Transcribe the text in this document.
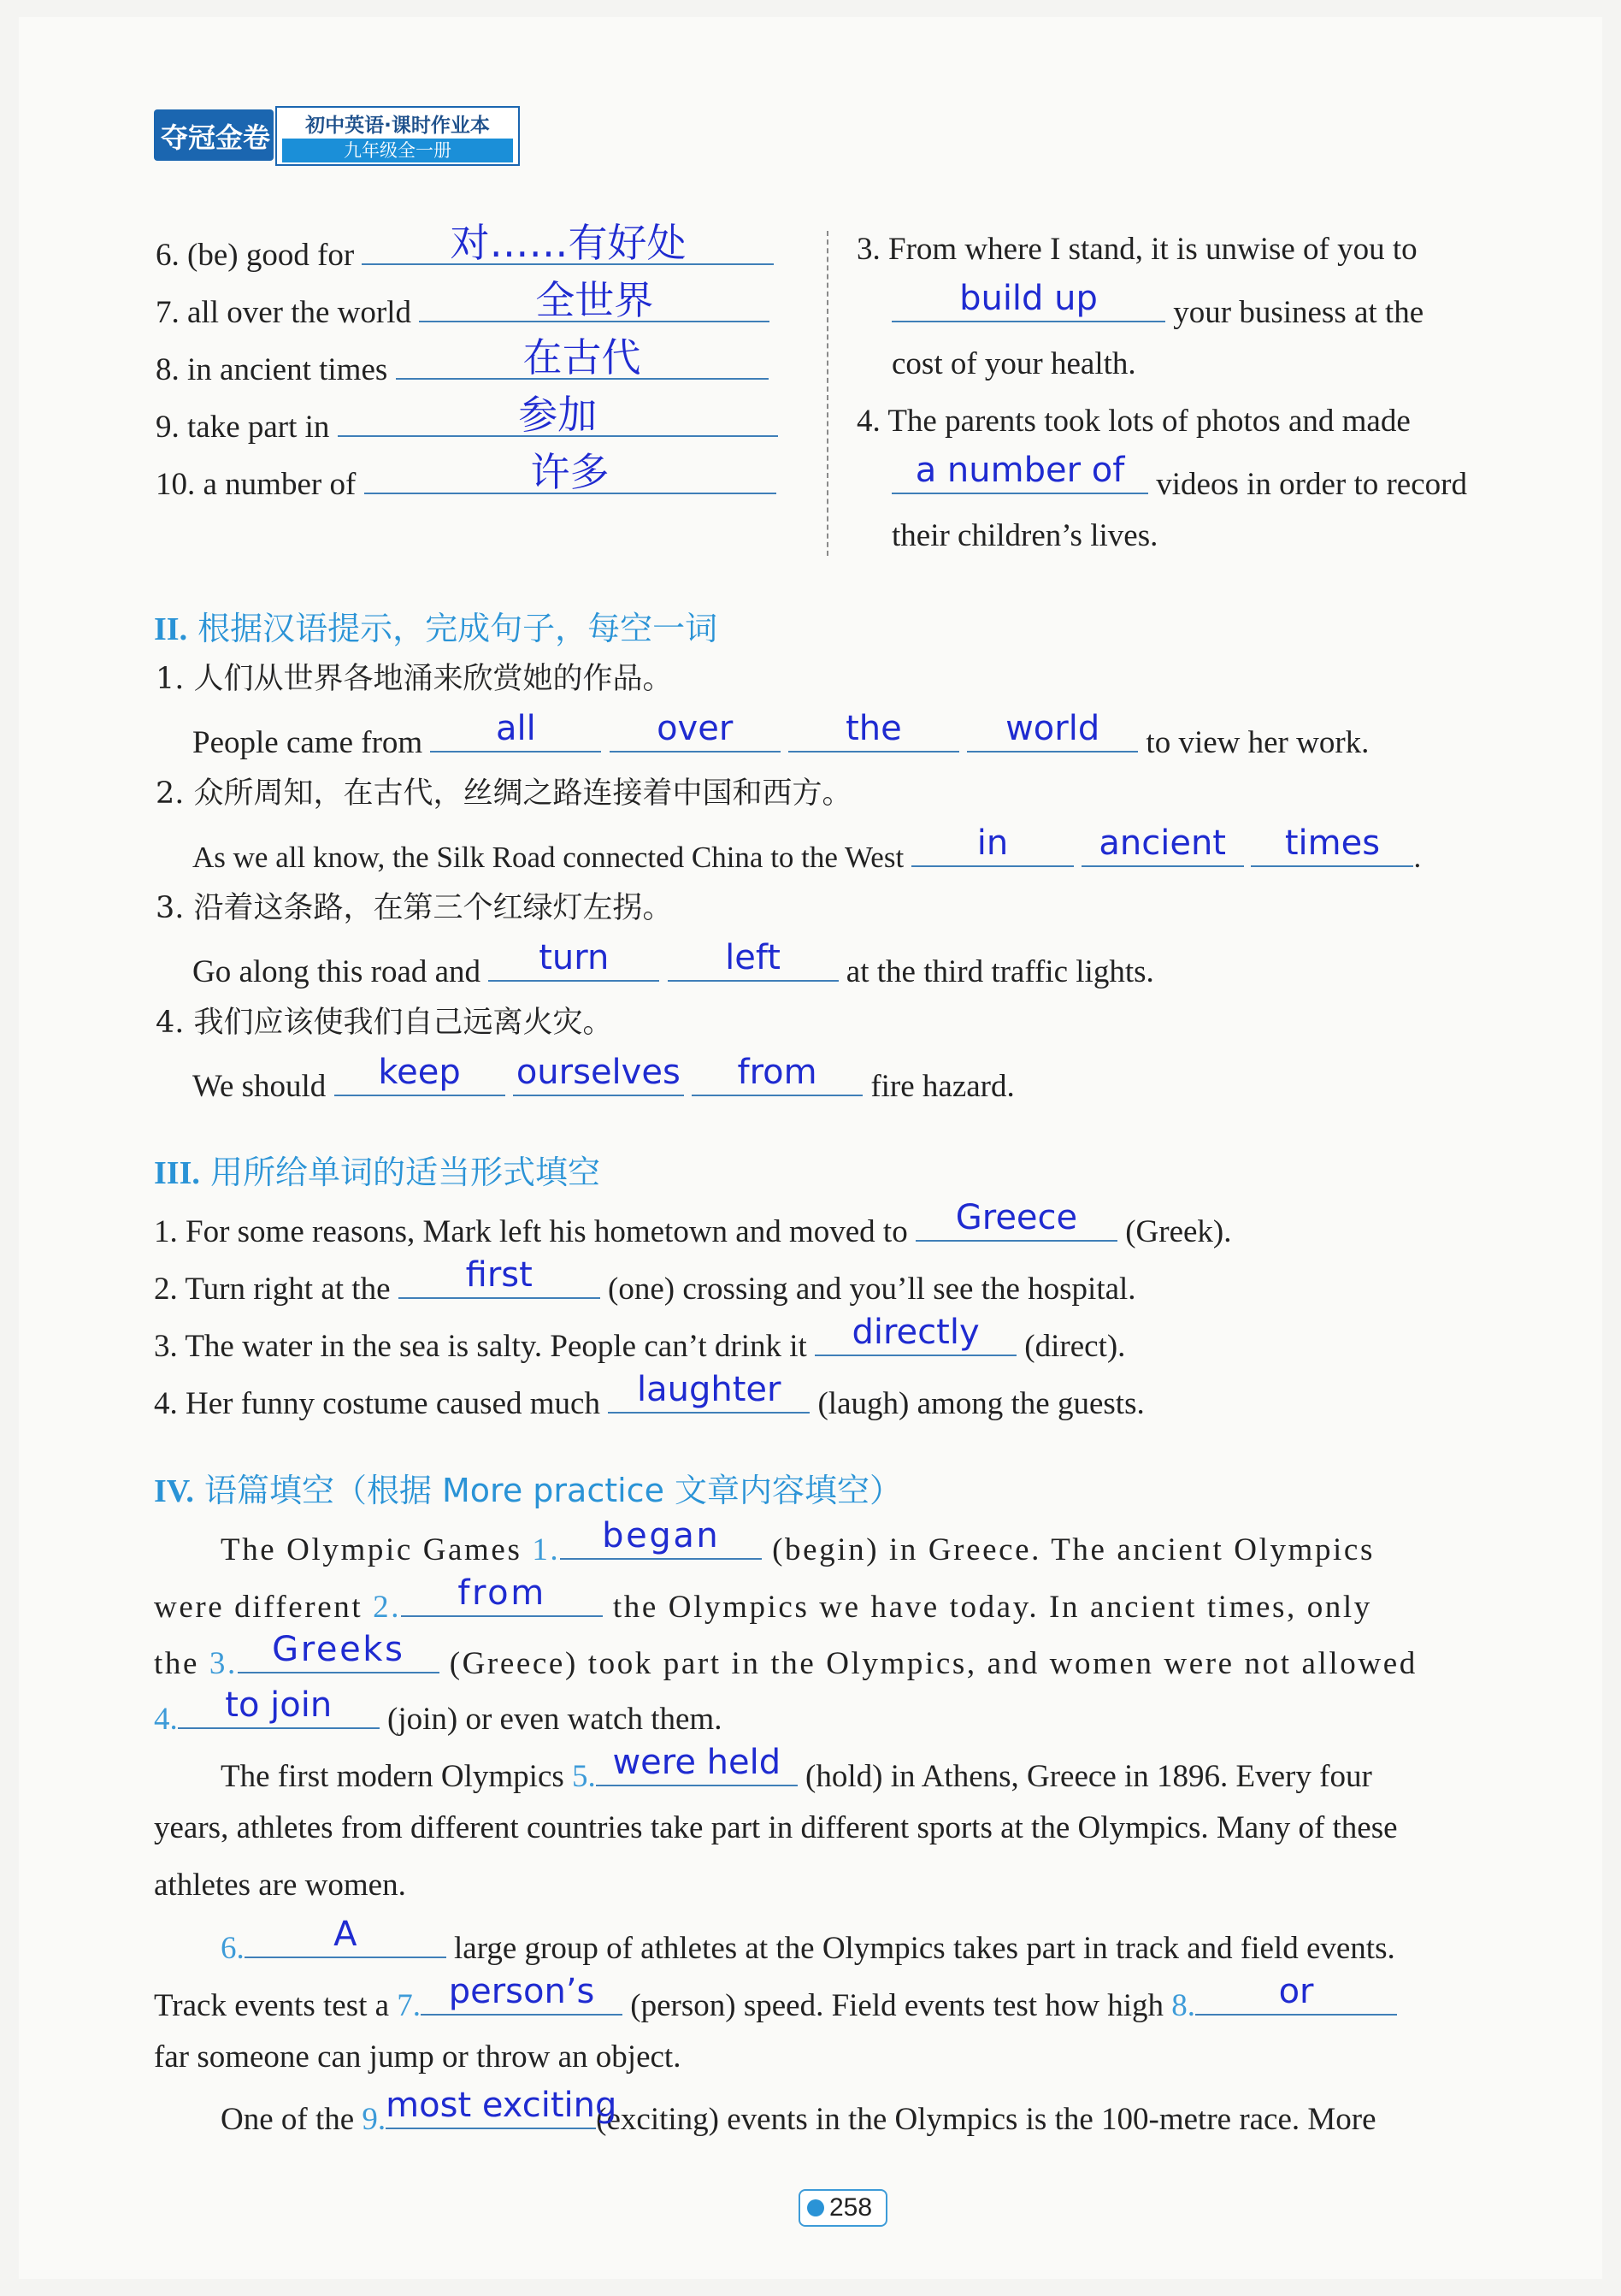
夺冠金卷	初中英语·课时作业本
九年级全一册
6. (be) good for	对……有好处
7. all over the world	全世界
8. in ancient times	在古代
9. take part in	参加
10. a number of	许多
3. From where I stand, it is unwise of you to
build up	your business at the
cost of your health.
4. The parents took lots of photos and made
a number of videos in order to record
their children’s lives.
II. 根据汉语提示，完成句子，每空一词
1. 人们从世界各地涌来欣赏她的作品。
People came from	all
	over
	the
	world	to view her work.
2. 众所周知，在古代，丝绸之路连接着中国和西方。
As we all know, the Silk Road connected China to the West	in
	ancient
	times	.
3. 沿着这条路，在第三个红绿灯左拐。
Go along this road and	turn
	left	at the third traffic lights.
4. 我们应该使我们自己远离火灾。
We should	keep
	ourselves
	from	fire hazard.
III. 用所给单词的适当形式填空
1. For some reasons, Mark left his hometown and moved to	Greece	(Greek).
2. Turn right at the	first	(one) crossing and you’ll see the hospital.
3. The water in the sea is salty. People can’t drink it	directly	(direct).
4. Her funny costume caused much	laughter	(laugh) among the guests.
IV. 语篇填空（根据 More practice 文章内容填空）
The Olympic Games 1.	began	(begin) in Greece. The ancient Olympics
were different 2.	from	the Olympics we have today. In ancient times, only
the 3.	Greeks	(Greece) took part in the Olympics, and women were not allowed
4.	to join	(join) or even watch them.
The first modern Olympics 5. were held (hold) in Athens, Greece in 1896. Every four
years, athletes from different countries take part in different sports at the Olympics. Many of these
athletes are women.
6.	A	large group of athletes at the Olympics takes part in track and field events.
Track events test a 7. person’s	(person) speed. Field events test how high 8.	or
far someone can jump or throw an object.
One of the 9. most exciting
(exciting) events in the Olympics is the 100-metre race. More
258
